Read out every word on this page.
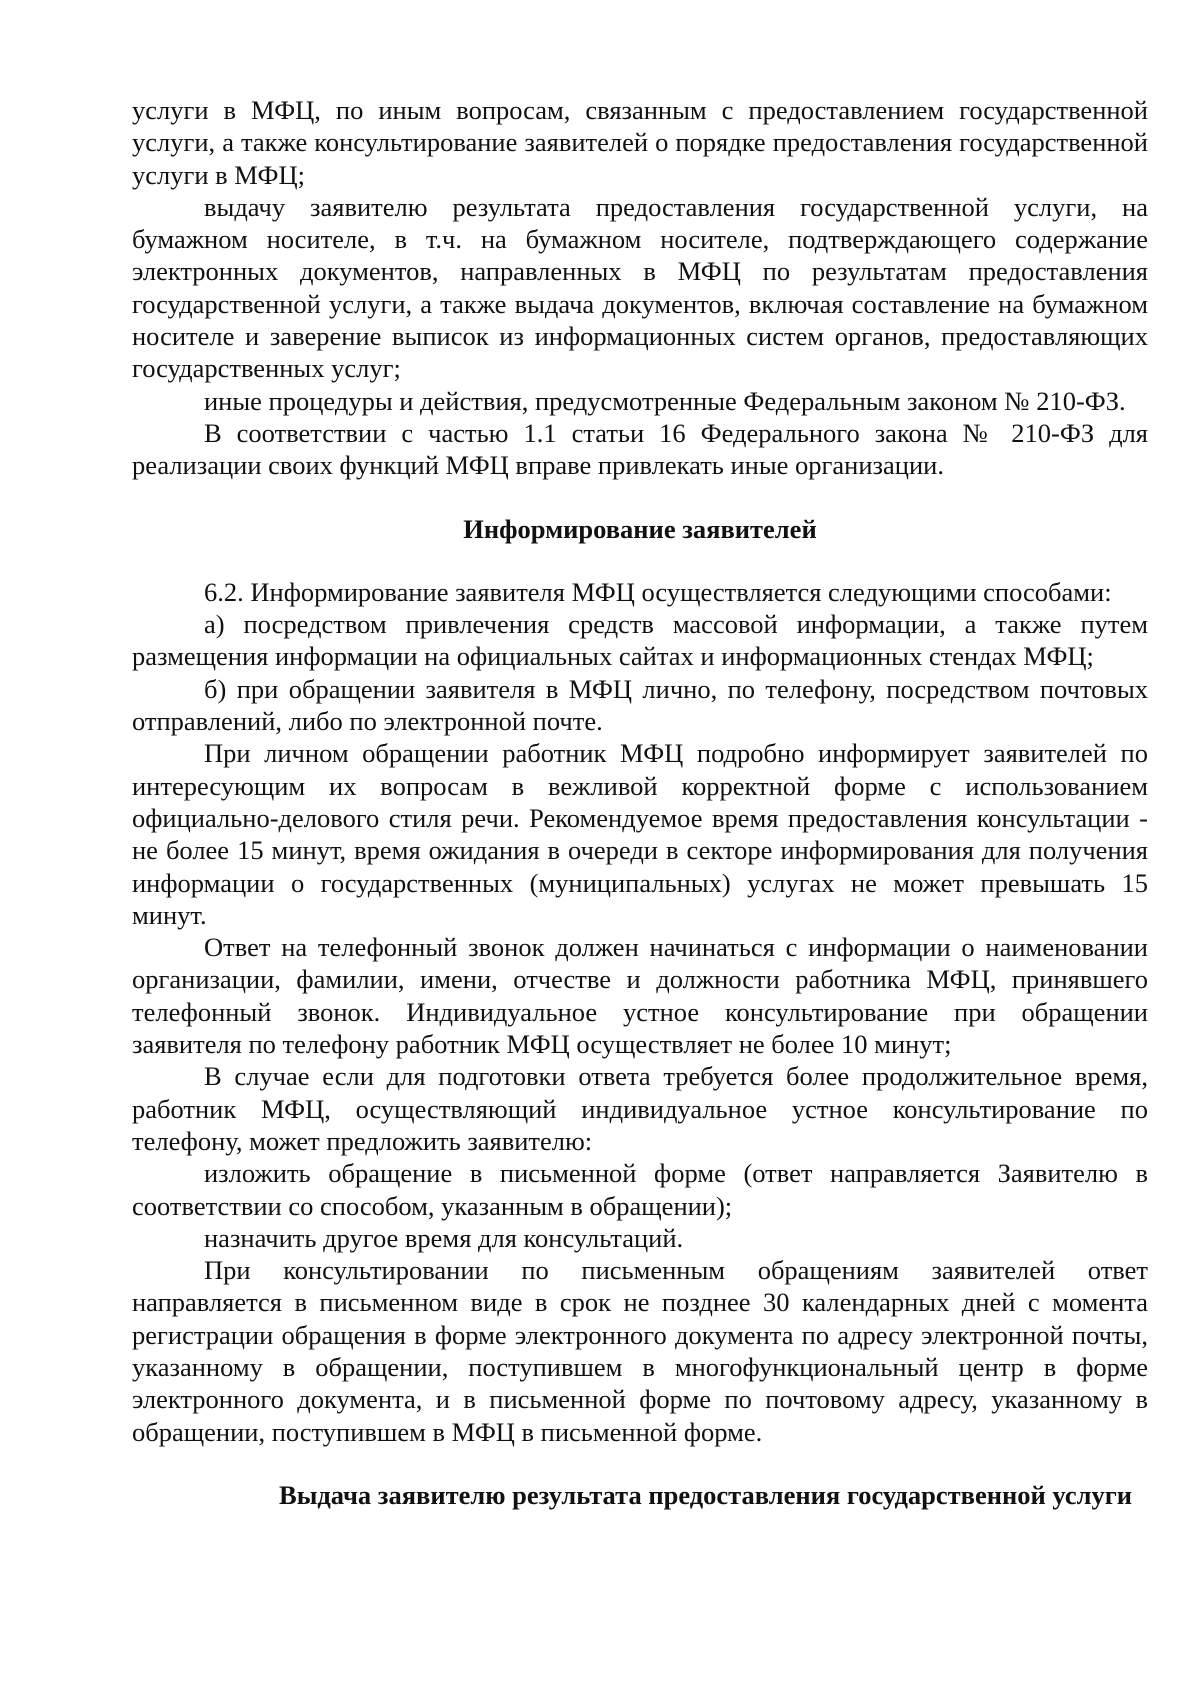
услуги в МФЦ, по иным вопросам, связанным с предоставлением государственной услуги, а также консультирование заявителей о порядке предоставления государственной услуги в МФЦ;

выдачу заявителю результата предоставления государственной услуги, на бумажном носителе, в т.ч. на бумажном носителе, подтверждающего содержание электронных документов, направленных в МФЦ по результатам предоставления государственной услуги, а также выдача документов, включая составление на бумажном носителе и заверение выписок из информационных систем органов, предоставляющих государственных услуг;

иные процедуры и действия, предусмотренные Федеральным законом № 210-ФЗ.

В соответствии с частью 1.1 статьи 16 Федерального закона № 210-ФЗ для реализации своих функций МФЦ вправе привлекать иные организации.

Информирование заявителей

6.2. Информирование заявителя МФЦ осуществляется следующими способами:

а) посредством привлечения средств массовой информации, а также путем размещения информации на официальных сайтах и информационных стендах МФЦ;

б) при обращении заявителя в МФЦ лично, по телефону, посредством почтовых отправлений, либо по электронной почте.

При личном обращении работник МФЦ подробно информирует заявителей по интересующим их вопросам в вежливой корректной форме с использованием официально-делового стиля речи. Рекомендуемое время предоставления консультации - не более 15 минут, время ожидания в очереди в секторе информирования для получения информации о государственных (муниципальных) услугах не может превышать 15 минут.

Ответ на телефонный звонок должен начинаться с информации о наименовании организации, фамилии, имени, отчестве и должности работника МФЦ, принявшего телефонный звонок. Индивидуальное устное консультирование при обращении заявителя по телефону работник МФЦ осуществляет не более 10 минут;

В случае если для подготовки ответа требуется более продолжительное время, работник МФЦ, осуществляющий индивидуальное устное консультирование по телефону, может предложить заявителю:

изложить обращение в письменной форме (ответ направляется Заявителю в соответствии со способом, указанным в обращении);

назначить другое время для консультаций.

При консультировании по письменным обращениям заявителей ответ направляется в письменном виде в срок не позднее 30 календарных дней с момента регистрации обращения в форме электронного документа по адресу электронной почты, указанному в обращении, поступившем в многофункциональный центр в форме электронного документа, и в письменной форме по почтовому адресу, указанному в обращении, поступившем в МФЦ в письменной форме.

Выдача заявителю результата предоставления государственной услуги
